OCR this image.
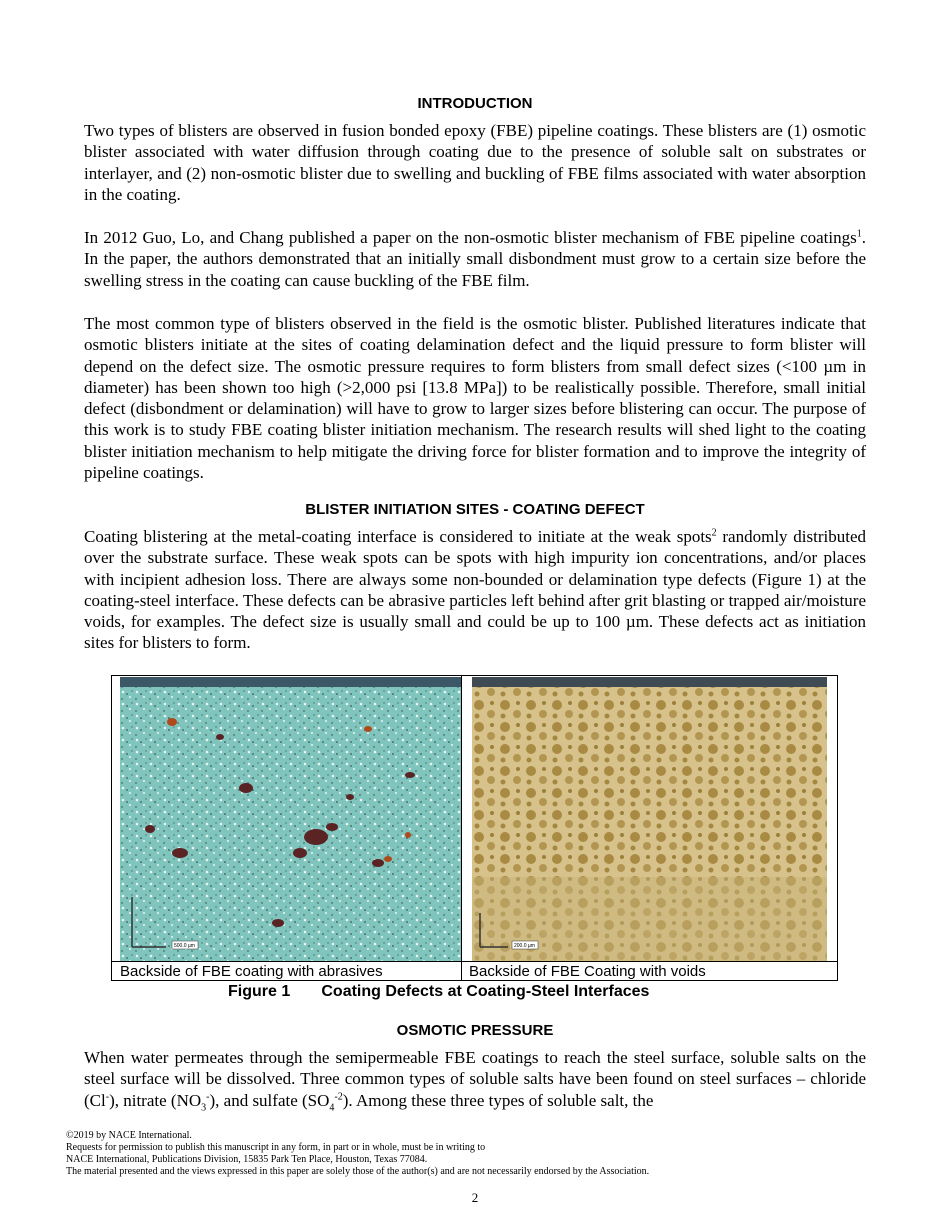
INTRODUCTION

Two types of blisters are observed in fusion bonded epoxy (FBE) pipeline coatings. These blisters are (1) osmotic blister associated with water diffusion through coating due to the presence of soluble salt on substrates or interlayer, and (2) non-osmotic blister due to swelling and buckling of FBE films associated with water absorption in the coating.

In 2012 Guo, Lo, and Chang published a paper on the non-osmotic blister mechanism of FBE pipeline coatings$^1$. In the paper, the authors demonstrated that an initially small disbondment must grow to a certain size before the swelling stress in the coating can cause buckling of the FBE film.

The most common type of blisters observed in the field is the osmotic blister. Published literatures indicate that osmotic blisters initiate at the sites of coating delamination defect and the liquid pressure to form blister will depend on the defect size. The osmotic pressure requires to form blisters from small defect sizes (<100 µm in diameter) has been shown too high (>2,000 psi [13.8 MPa]) to be realistically possible. Therefore, small initial defect (disbondment or delamination) will have to grow to larger sizes before blistering can occur. The purpose of this work is to study FBE coating blister initiation mechanism. The research results will shed light to the coating blister initiation mechanism to help mitigate the driving force for blister formation and to improve the integrity of pipeline coatings.

BLISTER INITIATION SITES - COATING DEFECT

Coating blistering at the metal-coating interface is considered to initiate at the weak spots$^2$ randomly distributed over the substrate surface. These weak spots can be spots with high impurity ion concentrations, and/or places with incipient adhesion loss. There are always some non-bounded or delamination type defects (Figure 1) at the coating-steel interface. These defects can be abrasive particles left behind after grit blasting or trapped air/moisture voids, for examples. The defect size is usually small and could be up to 100 µm. These defects act as initiation sites for blisters to form.

500.0 µm	200.0 µm
Backside of FBE coating with abrasives	Backside of FBE Coating with voids
Figure 1 Coating Defects at Coating-Steel Interfaces
OSMOTIC PRESSURE

When water permeates through the semipermeable FBE coatings to reach the steel surface, soluble salts on the steel surface will be dissolved. Three common types of soluble salts have been found on steel surfaces – chloride (Cl-), nitrate $(NO_3^-)$, and sulfate $(SO_4^{-2})$. Among these three types of soluble salt, the

©2019 by NACE International.
Requests for permission to publish this manuscript in any form, in part or in whole, must be in writing to
NACE International, Publications Division, 15835 Park Ten Place, Houston, Texas 77084.
The material presented and the views expressed in this paper are solely those of the author(s) and are not necessarily endorsed by the Association.
2
